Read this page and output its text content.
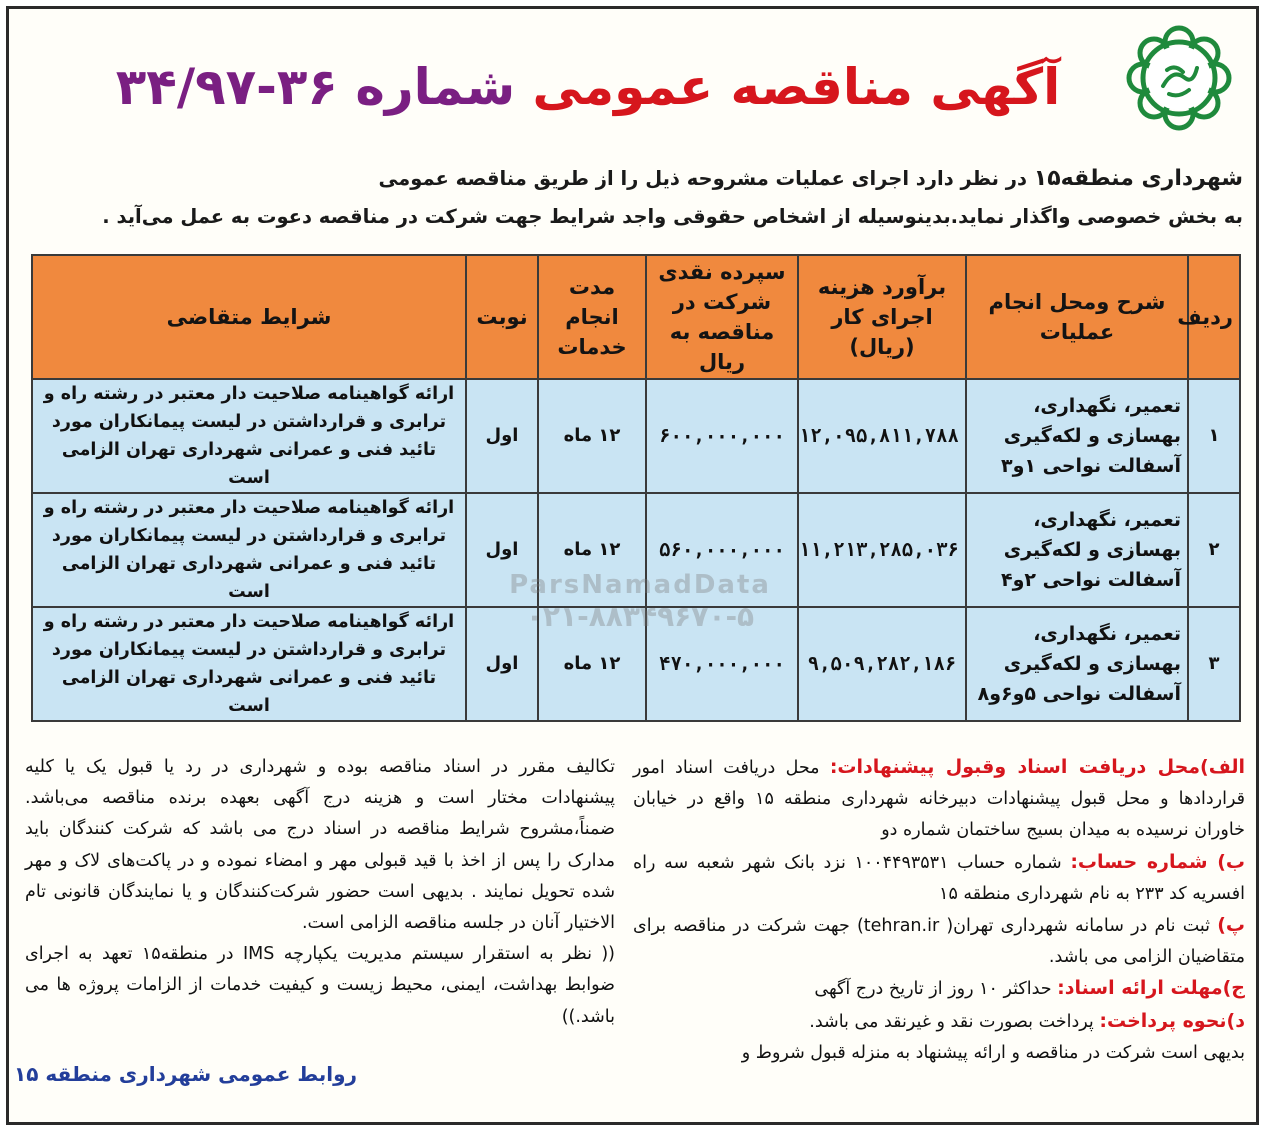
آگهی مناقصه عمومی شماره ۳۶-۳۴/۹۷
شهرداری منطقه۱۵ در نظر دارد اجرای عملیات مشروحه ذیل را از طریق مناقصه عمومی
به بخش خصوصی واگذار نماید.بدینوسیله از اشخاص حقوقی واجد شرایط جهت شرکت در مناقصه دعوت به عمل می‌آید .
ردیف	شرح ومحل انجام عملیات	برآورد هزینه اجرای کار (ریال)	سپرده نقدی شرکت در مناقصه به ریال	مدت انجام خدمات	نوبت	شرایط متقاضی
۱	تعمیر، نگهداری، بهسازی و لکه‌گیری آسفالت نواحی ۱و۳	۱۲,۰۹۵,۸۱۱,۷۸۸	۶۰۰,۰۰۰,۰۰۰	۱۲ ماه	اول	ارائه گواهینامه صلاحیت دار معتبر در رشته راه و ترابری و قرارداشتن در لیست پیمانکاران مورد تائید فنی و عمرانی شهرداری تهران الزامی است
۲	تعمیر، نگهداری، بهسازی و لکه‌گیری آسفالت نواحی ۲و۴	۱۱,۲۱۳,۲۸۵,۰۳۶	۵۶۰,۰۰۰,۰۰۰	۱۲ ماه	اول	ارائه گواهینامه صلاحیت دار معتبر در رشته راه و ترابری و قرارداشتن در لیست پیمانکاران مورد تائید فنی و عمرانی شهرداری تهران الزامی است
۳	تعمیر، نگهداری، بهسازی و لکه‌گیری آسفالت نواحی ۵و۶و۸	۹,۵۰۹,۲۸۲,۱۸۶	۴۷۰,۰۰۰,۰۰۰	۱۲ ماه	اول	ارائه گواهینامه صلاحیت دار معتبر در رشته راه و ترابری و قرارداشتن در لیست پیمانکاران مورد تائید فنی و عمرانی شهرداری تهران الزامی است
الف)محل دریافت اسناد وقبول پیشنهادات: محل دریافت اسناد امور قراردادها و محل قبول پیشنهادات دبیرخانه شهرداری منطقه ۱۵ واقع در خیابان خاوران نرسیده به میدان بسیج ساختمان شماره دو
ب) شماره حساب: شماره حساب ۱۰۰۴۴۹۳۵۳۱ نزد بانک شهر شعبه سه راه افسریه کد ۲۳۳ به نام شهرداری منطقه ۱۵
پ) ثبت نام در سامانه شهرداری تهران( tehran.ir) جهت شرکت در مناقصه برای متقاضیان الزامی می باشد.
ج)مهلت ارائه اسناد: حداکثر ۱۰ روز از تاریخ درج آگهی
د)نحوه پرداخت: پرداخت بصورت نقد و غیرنقد می باشد.
بدیهی است شرکت در مناقصه و ارائه پیشنهاد به منزله قبول شروط و
تکالیف مقرر در اسناد مناقصه بوده و شهرداری در رد یا قبول یک یا کلیه پیشنهادات مختار است و هزینه درج آگهی بعهده برنده مناقصه می‌باشد. ضمناً،مشروح شرایط مناقصه در اسناد درج می باشد که شرکت کنندگان باید مدارک را پس از اخذ با قید قبولی مهر و امضاء نموده و در پاکت‌های لاک و مهر شده تحویل نمایند . بدیهی است حضور شرکت‌کنندگان و یا نمایندگان قانونی تام الاختیار آنان در جلسه مناقصه الزامی است.
(( نظر به استقرار سیستم مدیریت یکپارچه IMS در منطقه۱۵ تعهد به اجرای ضوابط بهداشت، ایمنی، محیط زیست و کیفیت خدمات از الزامات پروژه ها می باشد.))
ParsNamadData
۰۲۱-۸۸۳۴۹۶۷۰-۵
روابط عمومی شهرداری منطقه ۱۵
